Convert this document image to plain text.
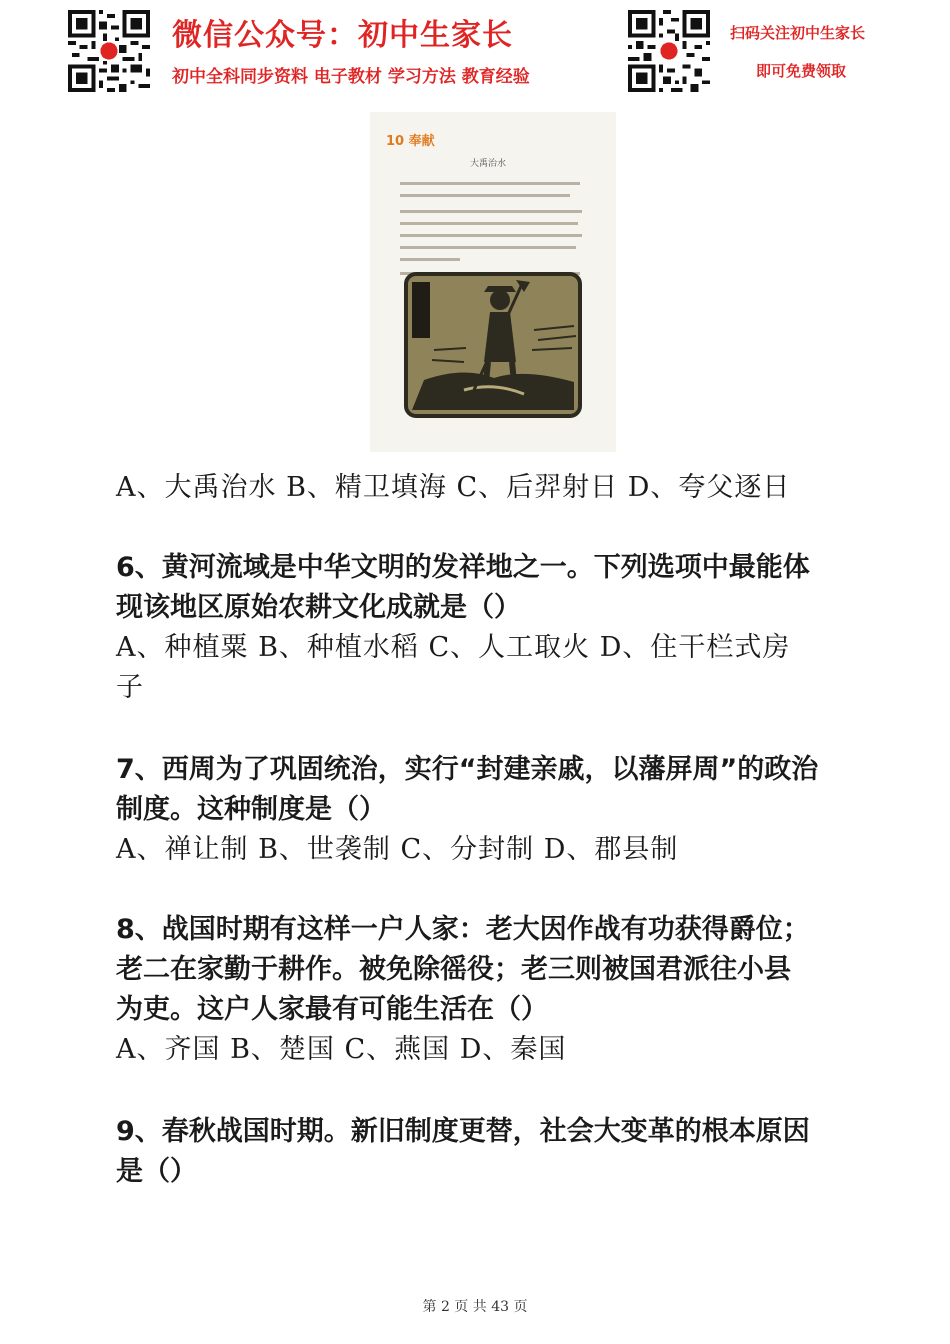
微信公众号：初中生家长
初中全科同步资料 电子教材 学习方法 教育经验
扫码关注初中生家长
即可免费领取
10 奉献
大禹治水
A、大禹治水 B、精卫填海 C、后羿射日 D、夸父逐日
6、黄河流域是中华文明的发祥地之一。下列选项中最能体
现该地区原始农耕文化成就是（）
A、种植粟 B、种植水稻 C、人工取火 D、住干栏式房
子
7、西周为了巩固统治，实行“封建亲戚，以藩屏周”的政治
制度。这种制度是（）
A、禅让制 B、世袭制 C、分封制 D、郡县制
8、战国时期有这样一户人家：老大因作战有功获得爵位；
老二在家勤于耕作。被免除徭役；老三则被国君派往小县
为吏。这户人家最有可能生活在（）
A、齐国 B、楚国 C、燕国 D、秦国
9、春秋战国时期。新旧制度更替，社会大变革的根本原因
是（）
第 2 页 共 43 页
